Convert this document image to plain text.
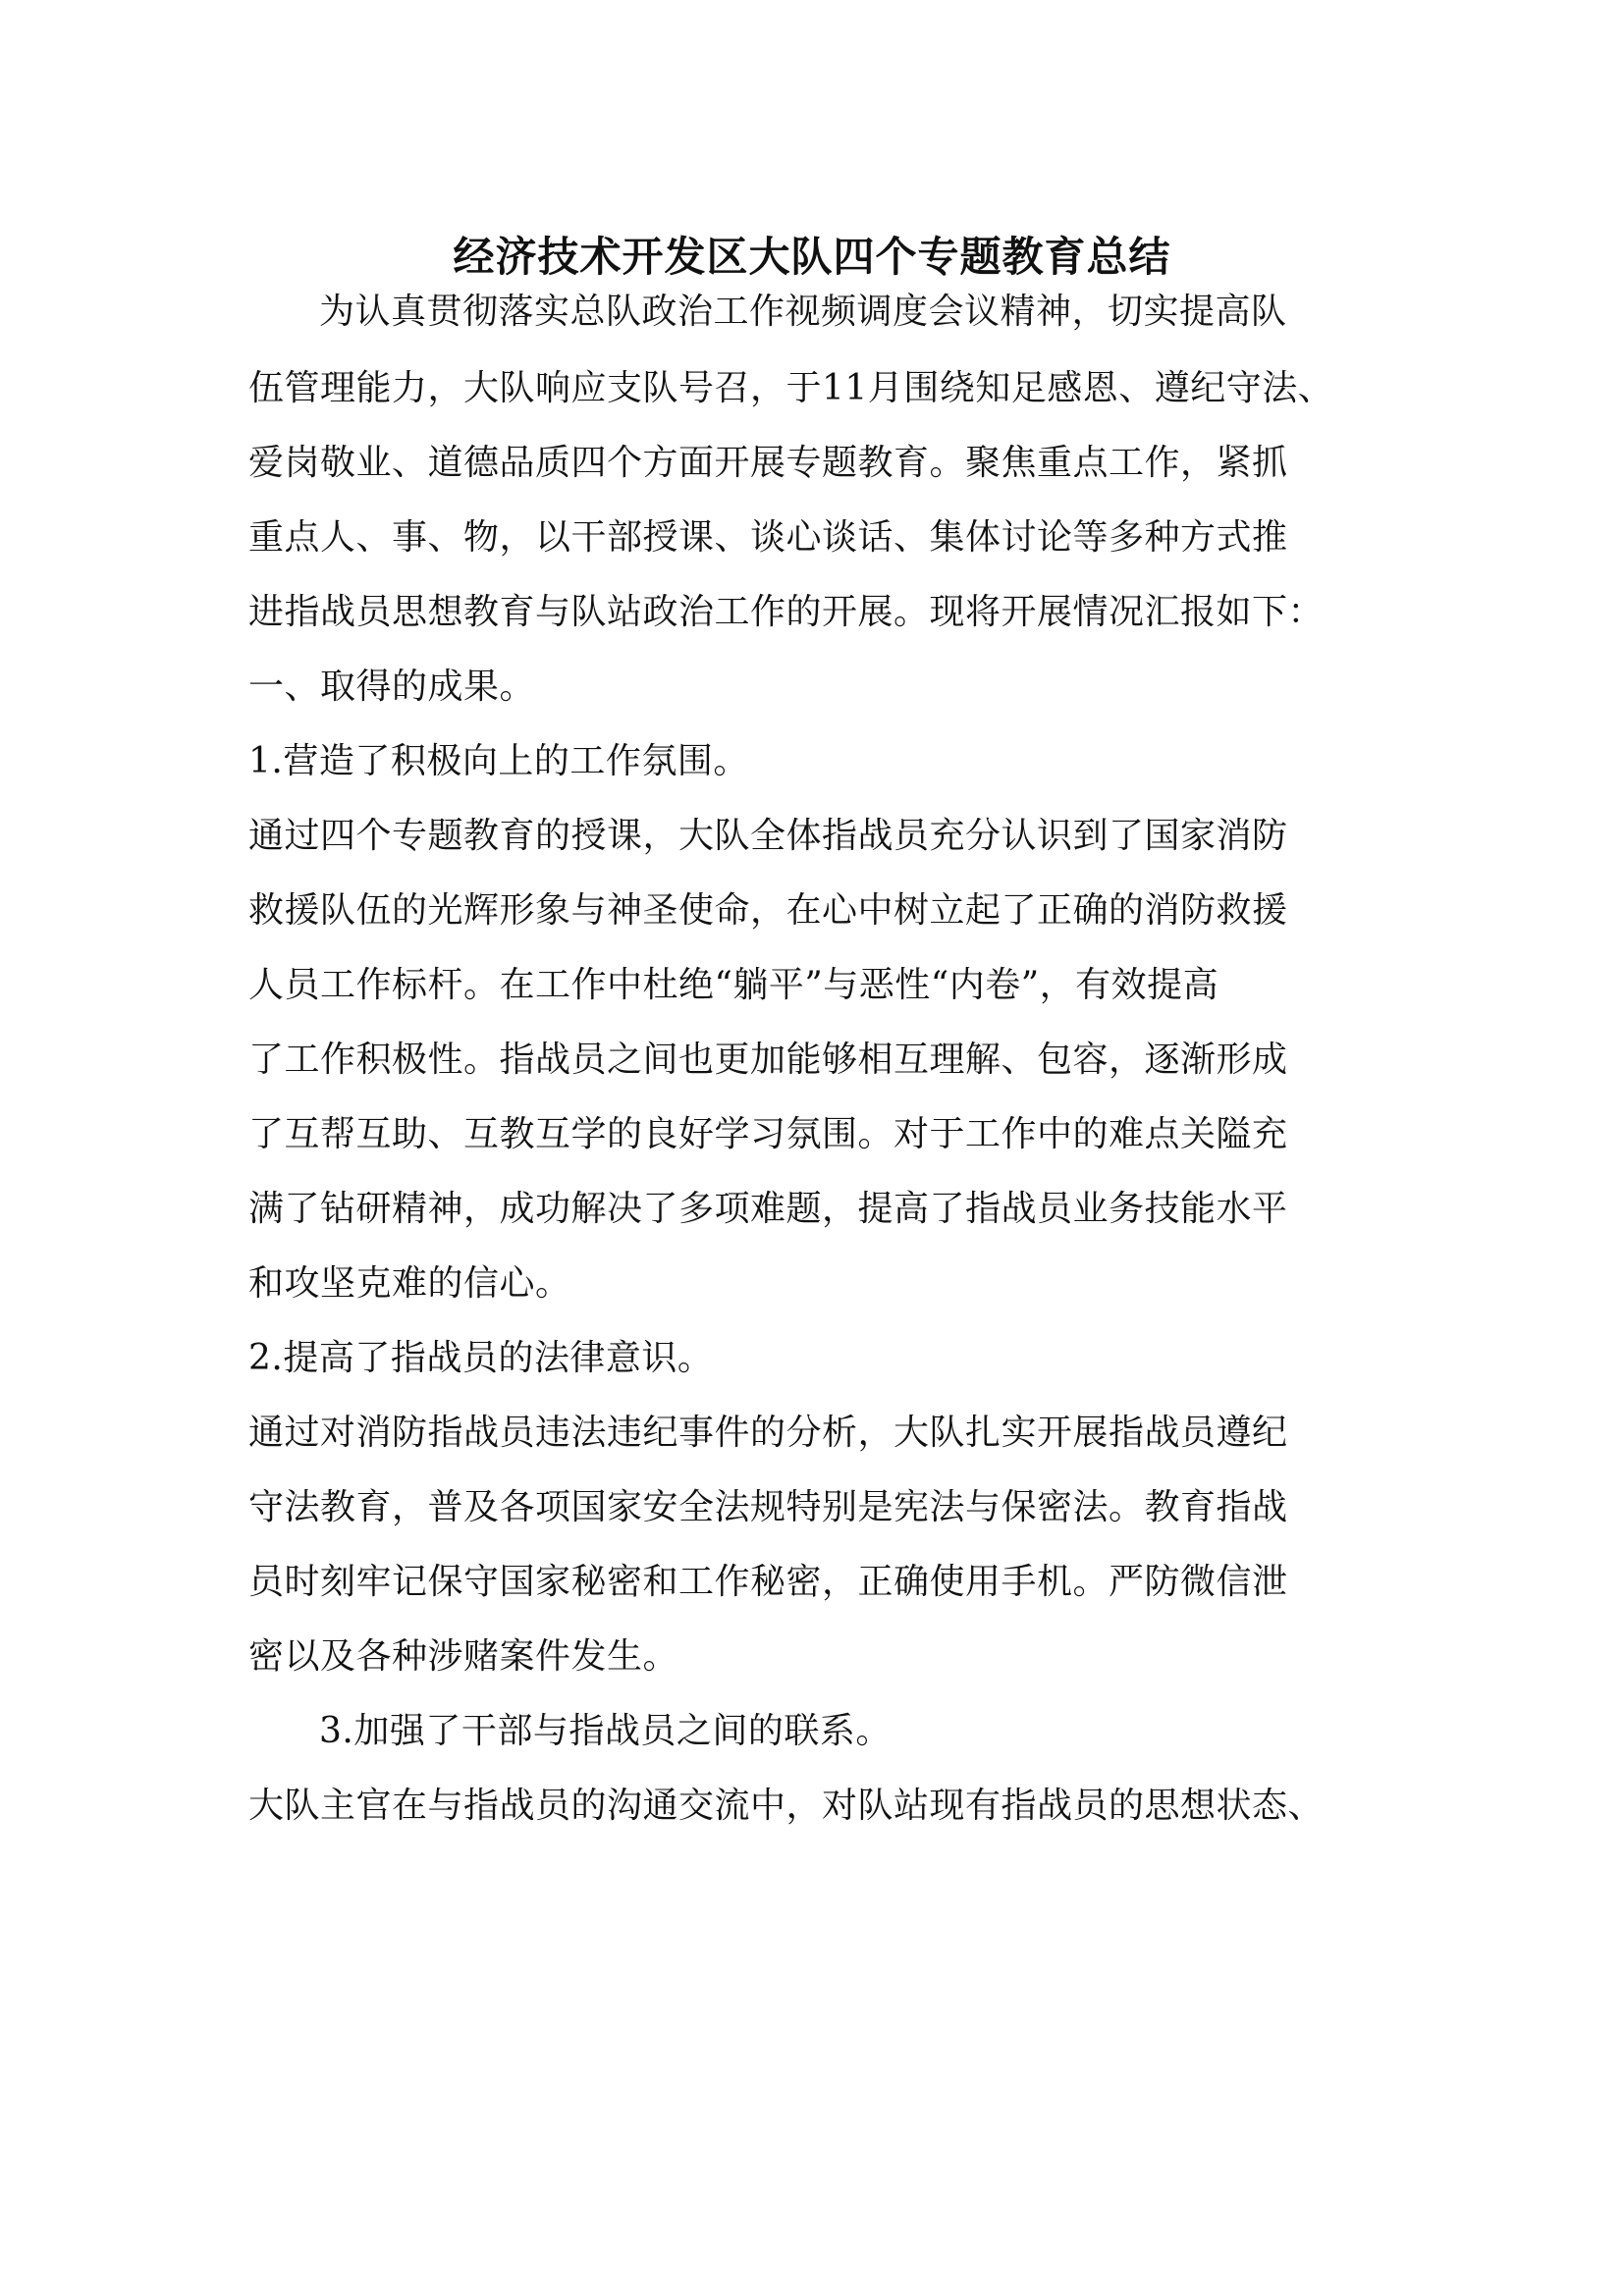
经济技术开发区大队四个专题教育总结
为认真贯彻落实总队政治工作视频调度会议精神，切实提高队
伍管理能力，大队响应支队号召，于11月围绕知足感恩、遵纪守法、
爱岗敬业、道德品质四个方面开展专题教育。聚焦重点工作，紧抓
重点人、事、物，以干部授课、谈心谈话、集体讨论等多种方式推
进指战员思想教育与队站政治工作的开展。现将开展情况汇报如下：
一、取得的成果。
1.营造了积极向上的工作氛围。
通过四个专题教育的授课，大队全体指战员充分认识到了国家消防
救援队伍的光辉形象与神圣使命，在心中树立起了正确的消防救援
人员工作标杆。在工作中杜绝“躺平”与恶性“内卷”，有效提高
了工作积极性。指战员之间也更加能够相互理解、包容，逐渐形成
了互帮互助、互教互学的良好学习氛围。对于工作中的难点关隘充
满了钻研精神，成功解决了多项难题，提高了指战员业务技能水平
和攻坚克难的信心。
2.提高了指战员的法律意识。
通过对消防指战员违法违纪事件的分析，大队扎实开展指战员遵纪
守法教育，普及各项国家安全法规特别是宪法与保密法。教育指战
员时刻牢记保守国家秘密和工作秘密，正确使用手机。严防微信泄
密以及各种涉赌案件发生。
3.加强了干部与指战员之间的联系。
大队主官在与指战员的沟通交流中，对队站现有指战员的思想状态、
